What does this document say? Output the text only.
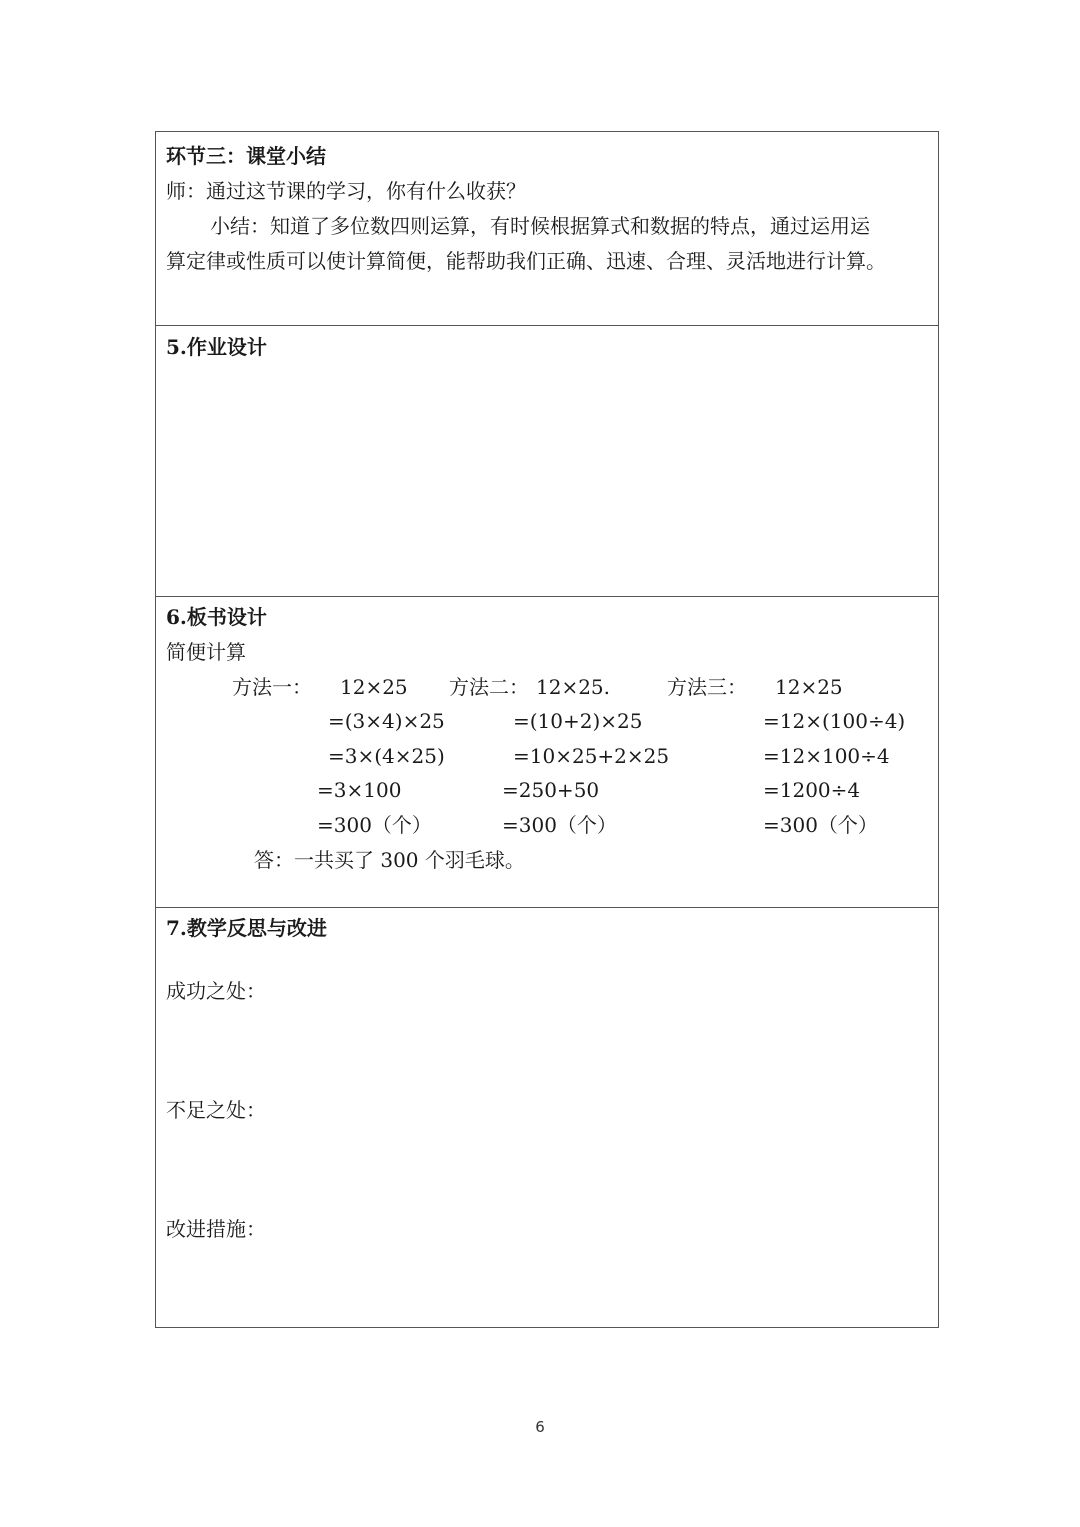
环节三：课堂小结
师：通过这节课的学习，你有什么收获？
小结：知道了多位数四则运算，有时候根据算式和数据的特点，通过运用运
算定律或性质可以使计算简便，能帮助我们正确、迅速、合理、灵活地进行计算。
5.作业设计
6.板书设计
简便计算
方法一： 12×25
=(3×4)×25
=3×(4×25)
=3×100
=300（个）
方法二： 12×25.
=(10+2)×25
=10×25+2×25
=250+50
=300（个）
方法三： 12×25
=12×(100÷4)
=12×100÷4
=1200÷4
=300（个）
答：一共买了 300 个羽毛球。
7.教学反思与改进
成功之处：
不足之处：
改进措施：
6
